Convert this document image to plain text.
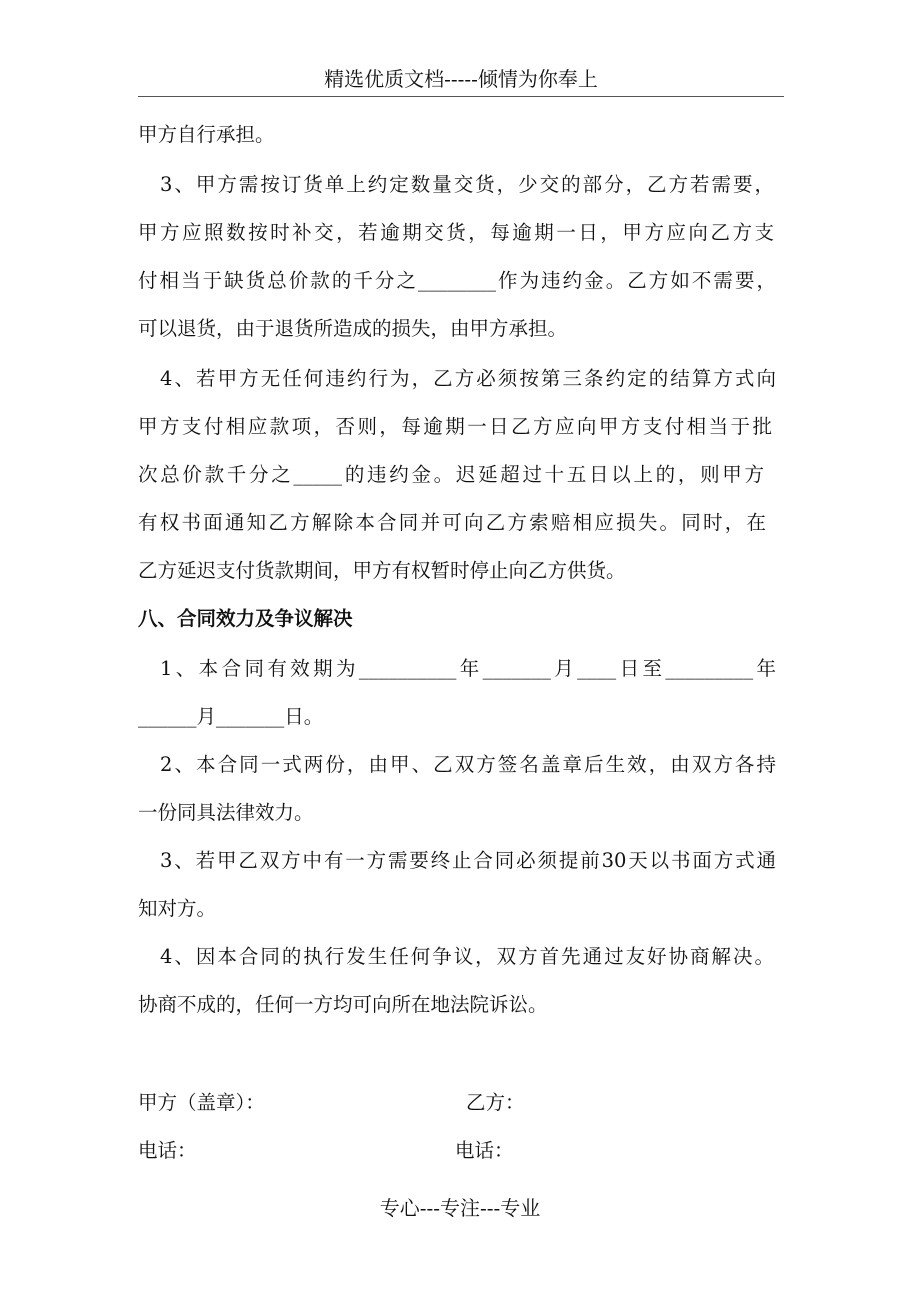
精选优质文档-----倾情为你奉上
甲方自行承担。
3、甲方需按订货单上约定数量交货，少交的部分，乙方若需要，
甲方应照数按时补交，若逾期交货，每逾期一日，甲方应向乙方支
付相当于缺货总价款的千分之________作为违约金。乙方如不需要，
可以退货，由于退货所造成的损失，由甲方承担。
4、若甲方无任何违约行为，乙方必须按第三条约定的结算方式向
甲方支付相应款项，否则，每逾期一日乙方应向甲方支付相当于批
次总价款千分之_____的违约金。迟延超过十五日以上的，则甲方
有权书面通知乙方解除本合同并可向乙方索赔相应损失。同时，在
乙方延迟支付货款期间，甲方有权暂时停止向乙方供货。
八、合同效力及争议解决
1、本合同有效期为__________年_______月____日至_________年
______月_______日。
2、本合同一式两份，由甲、乙双方签名盖章后生效，由双方各持
一份同具法律效力。
3、若甲乙双方中有一方需要终止合同必须提前30天以书面方式通
知对方。
4、因本合同的执行发生任何争议，双方首先通过友好协商解决。
协商不成的，任何一方均可向所在地法院诉讼。
甲方（盖章）：	乙方：
电话：	电话：
专心---专注---专业
